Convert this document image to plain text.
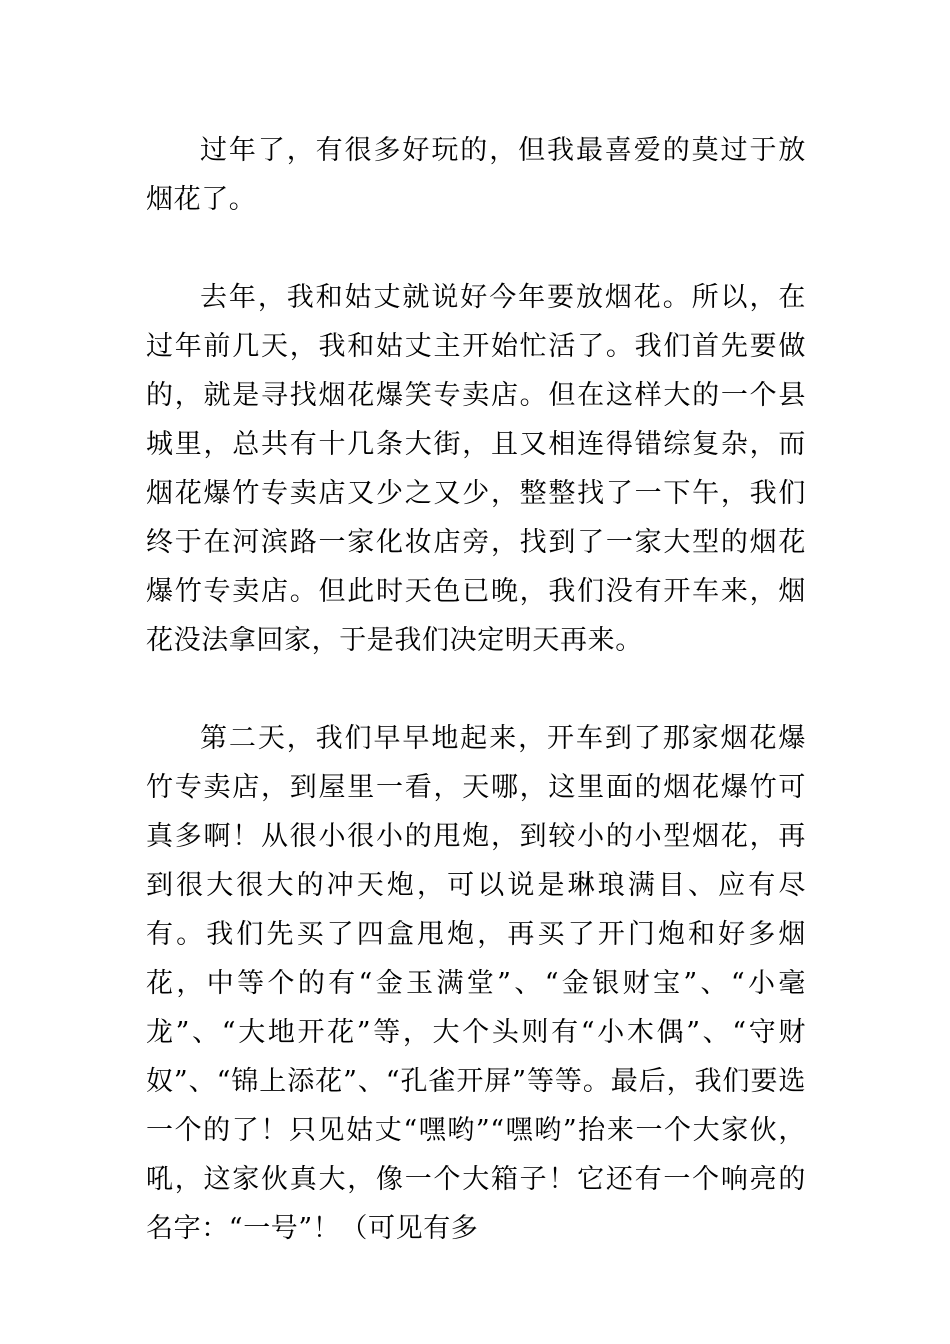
过年了，有很多好玩的，但我最喜爱的莫过于放烟花了。

去年，我和姑丈就说好今年要放烟花。所以，在过年前几天，我和姑丈主开始忙活了。我们首先要做的，就是寻找烟花爆笑专卖店。但在这样大的一个县城里，总共有十几条大街，且又相连得错综复杂，而烟花爆竹专卖店又少之又少，整整找了一下午，我们终于在河滨路一家化妆店旁，找到了一家大型的烟花爆竹专卖店。但此时天色已晚，我们没有开车来，烟花没法拿回家，于是我们决定明天再来。

第二天，我们早早地起来，开车到了那家烟花爆竹专卖店，到屋里一看，天哪，这里面的烟花爆竹可真多啊！从很小很小的甩炮，到较小的小型烟花，再到很大很大的冲天炮，可以说是琳琅满目、应有尽有。我们先买了四盒甩炮，再买了开门炮和好多烟花，中等个的有“金玉满堂”、“金银财宝”、“小毫龙”、“大地开花”等，大个头则有“小木偶”、“守财奴”、“锦上添花”、“孔雀开屏”等等。最后，我们要选一个的了！只见姑丈“嘿哟”“嘿哟”抬来一个大家伙，吼，这家伙真大，像一个大箱子！它还有一个响亮的名字：“一号”！（可见有多
